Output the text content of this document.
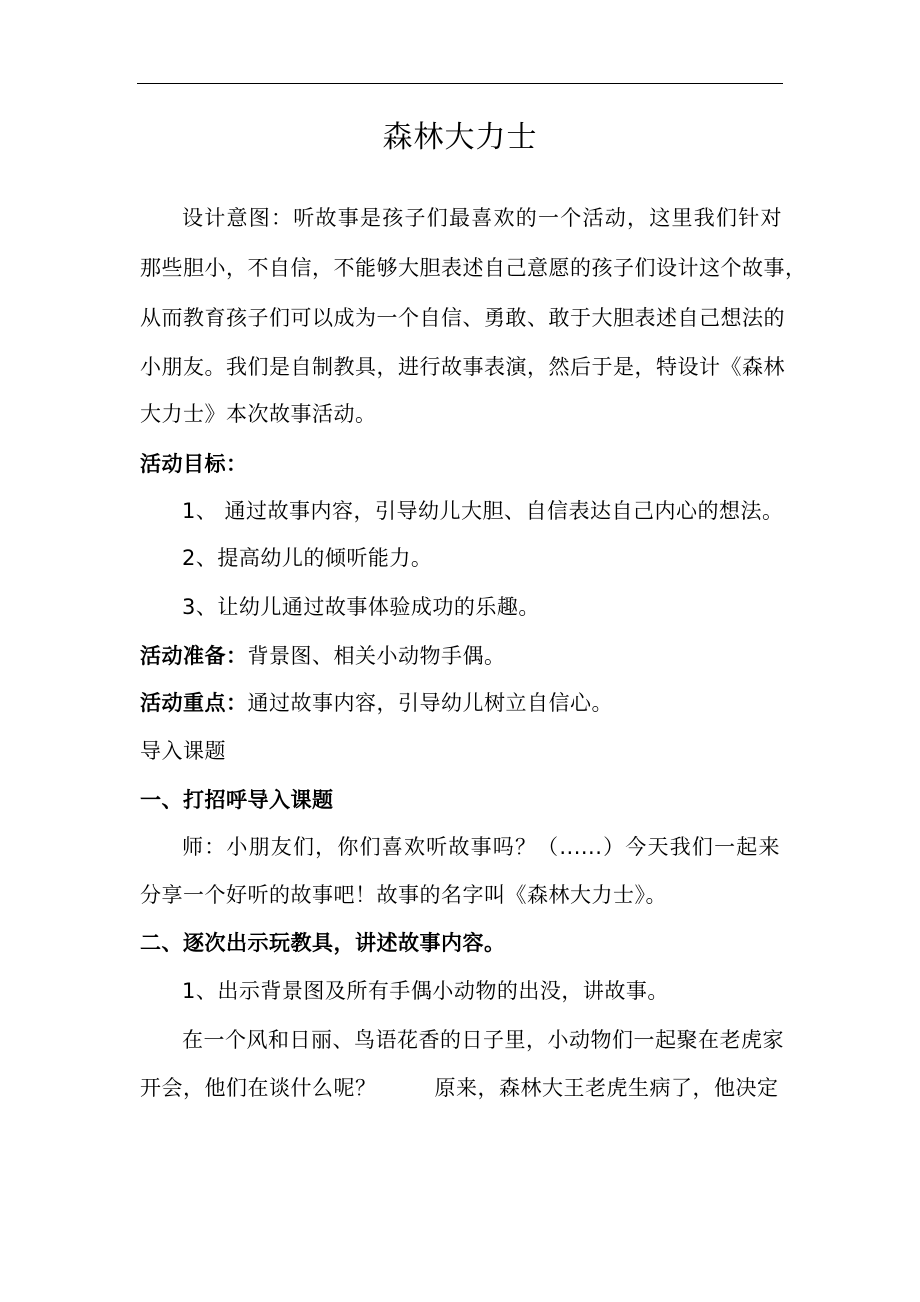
森林大力士
设计意图：听故事是孩子们最喜欢的一个活动，这里我们针对
那些胆小，不自信，不能够大胆表述自己意愿的孩子们设计这个故事，
从而教育孩子们可以成为一个自信、勇敢、敢于大胆表述自己想法的
小朋友。我们是自制教具，进行故事表演，然后于是，特设计《森林
大力士》本次故事活动。
活动目标：
1、 通过故事内容，引导幼儿大胆、自信表达自己内心的想法。
2、提高幼儿的倾听能力。
3、让幼儿通过故事体验成功的乐趣。
活动准备：背景图、相关小动物手偶。
活动重点：通过故事内容，引导幼儿树立自信心。
导入课题
一、打招呼导入课题
师：小朋友们，你们喜欢听故事吗？（......）今天我们一起来
分享一个好听的故事吧！故事的名字叫《森林大力士》。
二、逐次出示玩教具，讲述故事内容。
1、出示背景图及所有手偶小动物的出没，讲故事。
在一个风和日丽、鸟语花香的日子里，小动物们一起聚在老虎家
开会，他们在谈什么呢？	原来，森林大王老虎生病了，他决定
